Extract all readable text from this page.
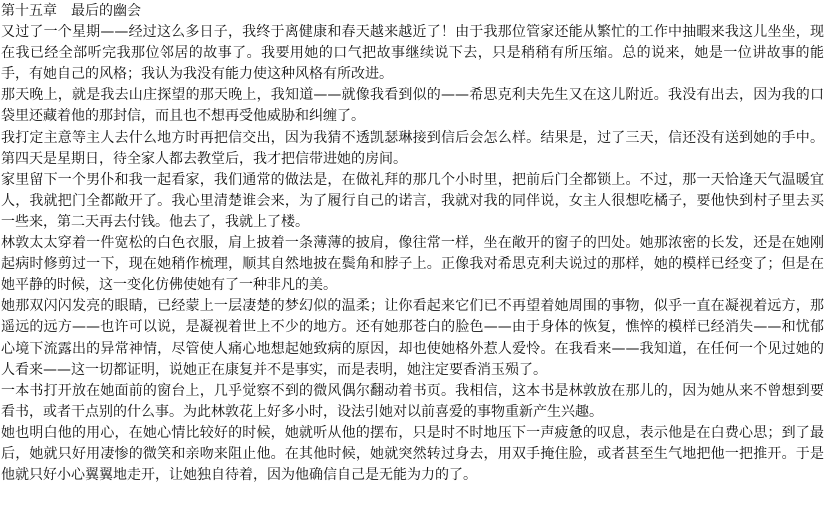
第十五章　最后的幽会

又过了一个星期——经过这么多日子，我终于离健康和春天越来越近了！由于我那位管家还能从繁忙的工作中抽暇来我这儿坐坐，现在我已经全部听完我那位邻居的故事了。我要用她的口气把故事继续说下去，只是稍稍有所压缩。总的说来，她是一位讲故事的能手，有她自己的风格；我认为我没有能力使这种风格有所改进。

那天晚上，就是我去山庄探望的那天晚上，我知道——就像我看到似的——希思克利夫先生又在这儿附近。我没有出去，因为我的口袋里还藏着他的那封信，而且也不想再受他威胁和纠缠了。

我打定主意等主人去什么地方时再把信交出，因为我猜不透凯瑟琳接到信后会怎么样。结果是，过了三天，信还没有送到她的手中。第四天是星期日，待全家人都去教堂后，我才把信带进她的房间。

家里留下一个男仆和我一起看家，我们通常的做法是，在做礼拜的那几个小时里，把前后门全都锁上。不过，那一天恰逢天气温暖宜人，我就把门全都敞开了。我心里清楚谁会来，为了履行自己的诺言，我就对我的同伴说，女主人很想吃橘子，要他快到村子里去买一些来，第二天再去付钱。他去了，我就上了楼。

林敦太太穿着一件宽松的白色衣服，肩上披着一条薄薄的披肩，像往常一样，坐在敞开的窗子的凹处。她那浓密的长发，还是在她刚起病时修剪过一下，现在她稍作梳理，顺其自然地披在鬓角和脖子上。正像我对希思克利夫说过的那样，她的模样已经变了；但是在她平静的时候，这一变化仿佛使她有了一种非凡的美。

她那双闪闪发亮的眼睛，已经蒙上一层凄楚的梦幻似的温柔；让你看起来它们已不再望着她周围的事物，似乎一直在凝视着远方，那遥远的远方——也许可以说，是凝视着世上不少的地方。还有她那苍白的脸色——由于身体的恢复，憔悴的模样已经消失——和忧郁心境下流露出的异常神情，尽管使人痛心地想起她致病的原因，却也使她格外惹人爱怜。在我看来——我知道，在任何一个见过她的人看来——这一切都证明，说她正在康复并不是事实，而是表明，她注定要香消玉殒了。

一本书打开放在她面前的窗台上，几乎觉察不到的微风偶尔翻动着书页。我相信，这本书是林敦放在那儿的，因为她从来不曾想到要看书，或者干点别的什么事。为此林敦花上好多小时，设法引她对以前喜爱的事物重新产生兴趣。

她也明白他的用心，在她心情比较好的时候，她就听从他的摆布，只是时不时地压下一声疲惫的叹息，表示他是在白费心思；到了最后，她就只好用凄惨的微笑和亲吻来阻止他。在其他时候，她就突然转过身去，用双手掩住脸，或者甚至生气地把他一把推开。于是他就只好小心翼翼地走开，让她独自待着，因为他确信自己是无能为力的了。
